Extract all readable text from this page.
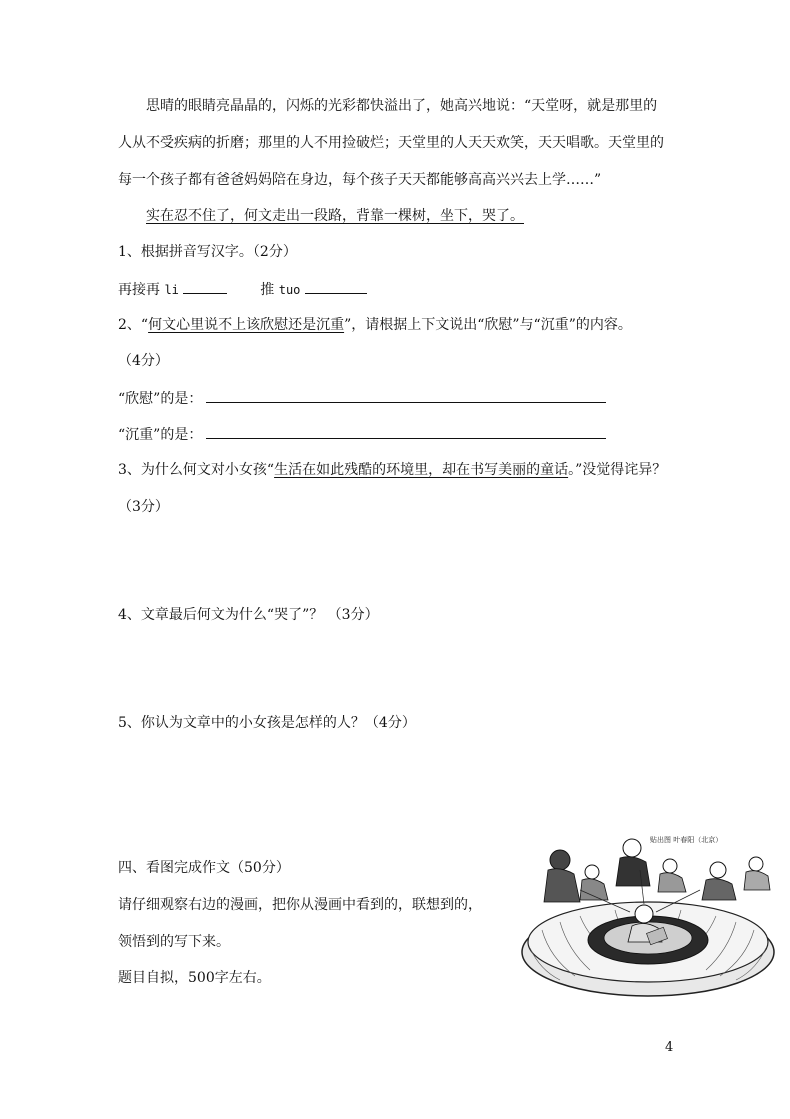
思晴的眼睛亮晶晶的，闪烁的光彩都快溢出了，她高兴地说：“天堂呀，就是那里的
人从不受疾病的折磨；那里的人不用捡破烂；天堂里的人天天欢笑，天天唱歌。天堂里的
每一个孩子都有爸爸妈妈陪在身边，每个孩子天天都能够高高兴兴去上学……”
实在忍不住了，何文走出一段路，背靠一棵树，坐下，哭了。
1、根据拼音写汉字。（2分）
再接再 li	推 tuo
2、“何文心里说不上该欣慰还是沉重”，请根据上下文说出“欣慰”与“沉重”的内容。
（4分）
“欣慰”的是：
“沉重”的是：
3、为什么何文对小女孩“生活在如此残酷的环境里，却在书写美丽的童话。”没觉得诧异？
（3分）
4、文章最后何文为什么“哭了”？ （3分）
5、你认为文章中的小女孩是怎样的人？（4分）
四、看图完成作文（50分）
请仔细观察右边的漫画，把你从漫画中看到的，联想到的，
领悟到的写下来。
题目自拟，500字左右。
贴出图 叶春阳（北京）
4
